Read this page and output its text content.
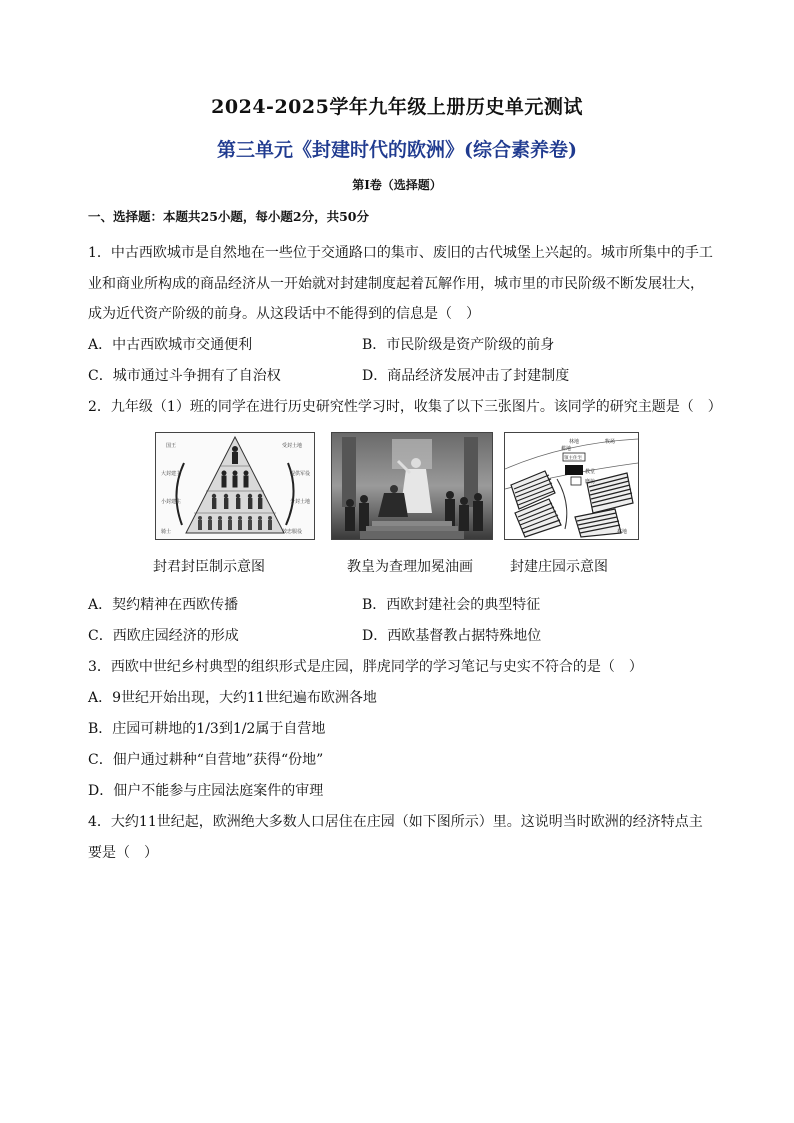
2024-2025学年九年级上册历史单元测试
第三单元《封建时代的欧洲》(综合素养卷)
第Ⅰ卷（选择题）
一、选择题：本题共25小题，每小题2分，共50分
1．中古西欧城市是自然地在一些位于交通路口的集市、废旧的古代城堡上兴起的。城市所集中的手工
业和商业所构成的商品经济从一开始就对封建制度起着瓦解作用，城市里的市民阶级不断发展壮大，
成为近代资产阶级的前身。从这段话中不能得到的信息是（　）
A．中古西欧城市交通便利	B．市民阶级是资产阶级的前身
C．城市通过斗争拥有了自治权	D．商品经济发展冲击了封建制度
2．九年级（1）班的同学在进行历史研究性学习时，收集了以下三张图片。该同学的研究主题是（　）
国王
大封建主
小封建主
骑士
受封土地
提供军役
分封土地
效忠服役
林地	牧场
耕地
领主住宅
教堂
磨坊
林地
封君封臣制示意图	教皇为查理加冕油画	封建庄园示意图
A．契约精神在西欧传播	B．西欧封建社会的典型特征
C．西欧庄园经济的形成	D．西欧基督教占据特殊地位
3．西欧中世纪乡村典型的组织形式是庄园，胖虎同学的学习笔记与史实不符合的是（　）
A．9世纪开始出现，大约11世纪遍布欧洲各地
B．庄园可耕地的1/3到1/2属于自营地
C．佃户通过耕种“自营地”获得“份地”
D．佃户不能参与庄园法庭案件的审理
4．大约11世纪起，欧洲绝大多数人口居住在庄园（如下图所示）里。这说明当时欧洲的经济特点主
要是（　）
